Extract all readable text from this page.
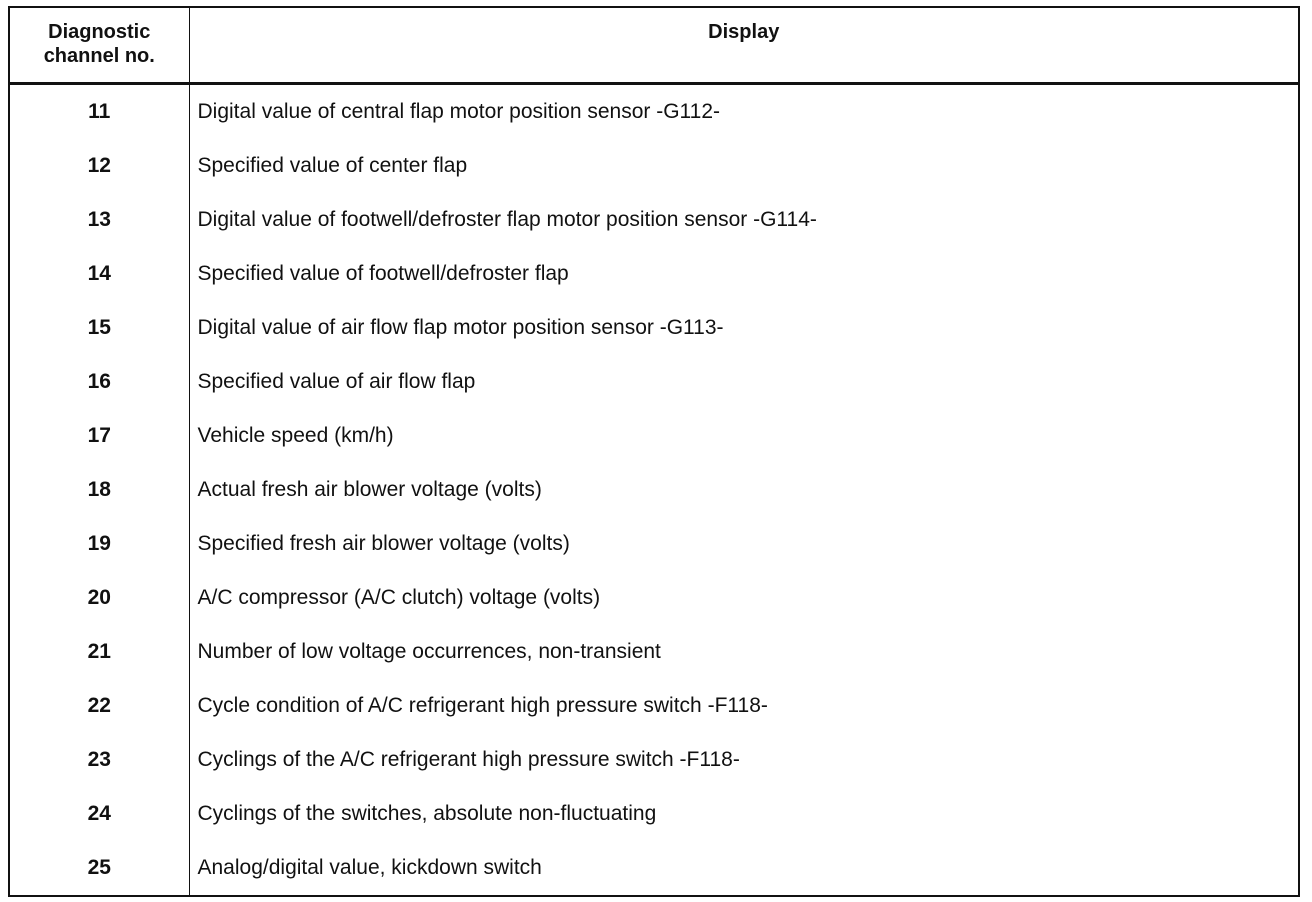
Diagnostic
channel no.	Display
11	Digital value of central flap motor position sensor -G112-
12	Specified value of center flap
13	Digital value of footwell/defroster flap motor position sensor -G114-
14	Specified value of footwell/defroster flap
15	Digital value of air flow flap motor position sensor -G113-
16	Specified value of air flow flap
17	Vehicle speed (km/h)
18	Actual fresh air blower voltage (volts)
19	Specified fresh air blower voltage (volts)
20	A/C compressor (A/C clutch) voltage (volts)
21	Number of low voltage occurrences, non-transient
22	Cycle condition of A/C refrigerant high pressure switch -F118-
23	Cyclings of the A/C refrigerant high pressure switch -F118-
24	Cyclings of the switches, absolute non-fluctuating
25	Analog/digital value, kickdown switch
